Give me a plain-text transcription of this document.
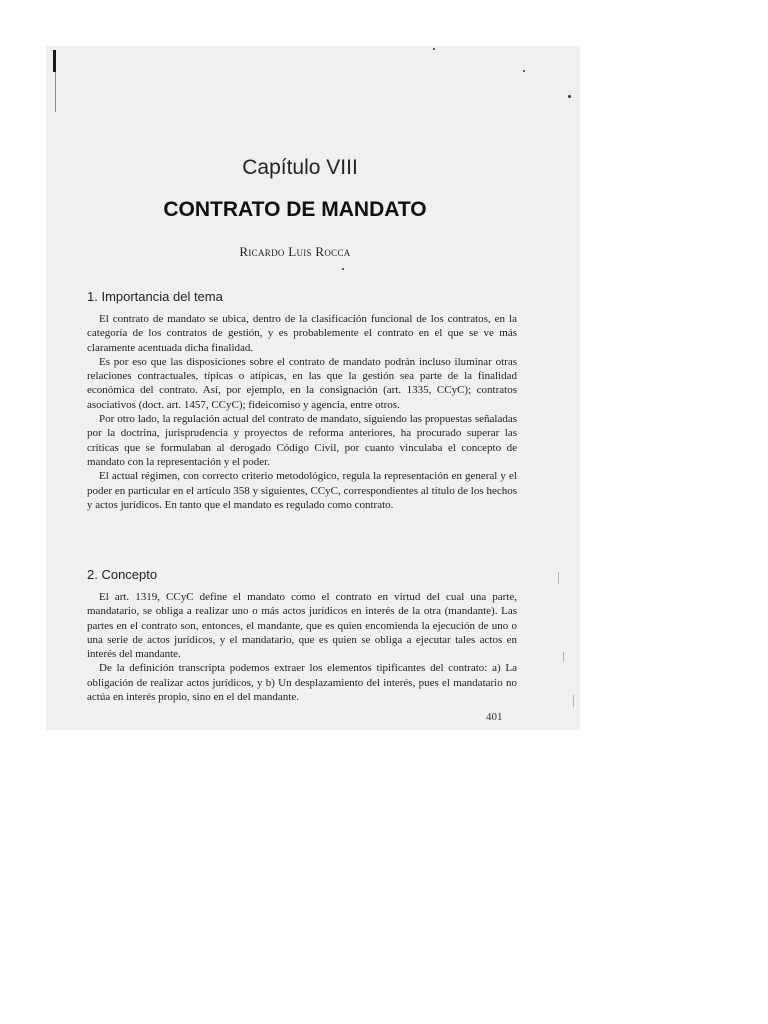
Capítulo VIII
CONTRATO DE MANDATO
Ricardo Luis Rocca
1. Importancia del tema

El contrato de mandato se ubica, dentro de la clasificación funcional de los contratos, en la categoría de los contratos de gestión, y es probablemente el contrato en el que se ve más claramente acentuada dicha finalidad.

Es por eso que las disposiciones sobre el contrato de mandato podrán incluso iluminar otras relaciones contractuales, típicas o atípicas, en las que la gestión sea parte de la finalidad económica del contrato. Así, por ejemplo, en la consignación (art. 1335, CCyC); contratos asociativos (doct. art. 1457, CCyC); fideicomiso y agencia, entre otros.

Por otro lado, la regulación actual del contrato de mandato, siguiendo las propuestas señaladas por la doctrina, jurisprudencia y proyectos de reforma anteriores, ha procurado superar las críticas que se formulaban al derogado Código Civil, por cuanto vinculaba el concepto de mandato con la representación y el poder.

El actual régimen, con correcto criterio metodológico, regula la representación en general y el poder en particular en el artículo 358 y siguientes, CCyC, correspondientes al título de los hechos y actos jurídicos. En tanto que el mandato es regulado como contrato.

2. Concepto

El art. 1319, CCyC define el mandato como el contrato en virtud del cual una parte, mandatario, se obliga a realizar uno o más actos jurídicos en interés de la otra (mandante). Las partes en el contrato son, entonces, el mandante, que es quien encomienda la ejecución de uno o una serie de actos jurídicos, y el mandatario, que es quien se obliga a ejecutar tales actos en interés del mandante.

De la definición transcripta podemos extraer los elementos tipificantes del contrato: a) La obligación de realizar actos jurídicos, y b) Un desplazamiento del interés, pues el mandatario no actúa en interés propio, sino en el del mandante.

401
